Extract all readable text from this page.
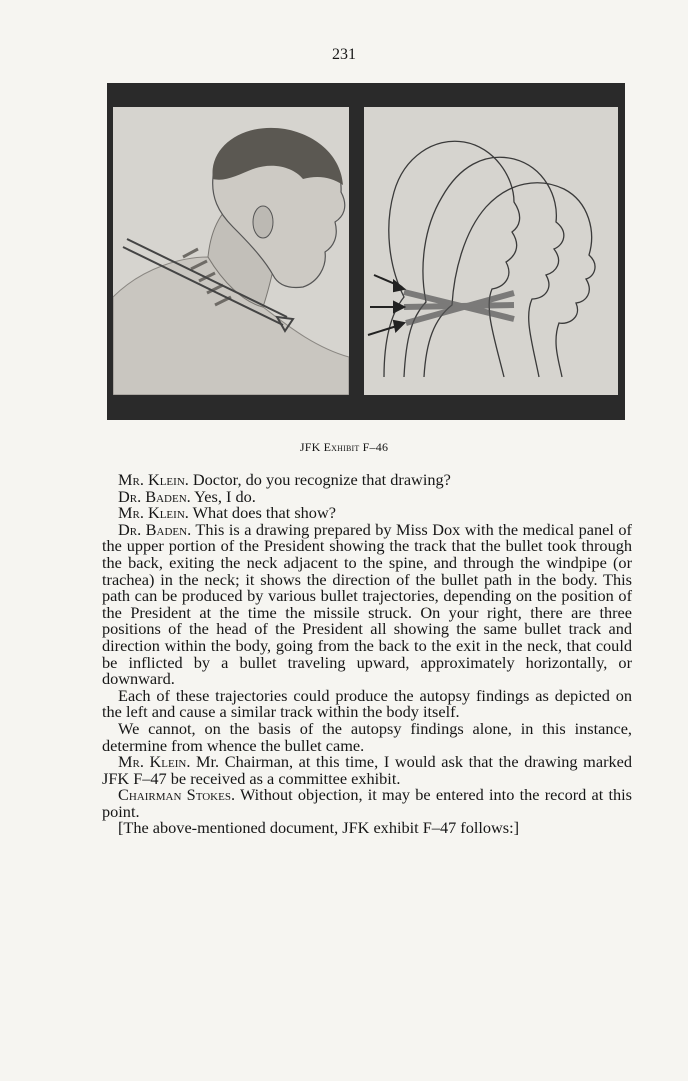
231
JFK Exhibit F–46

Mr. Klein. Doctor, do you recognize that drawing?

Dr. Baden. Yes, I do.

Mr. Klein. What does that show?

Dr. Baden. This is a drawing prepared by Miss Dox with the medical panel of the upper portion of the President showing the track that the bullet took through the back, exiting the neck adjacent to the spine, and through the windpipe (or trachea) in the neck; it shows the direction of the bullet path in the body. This path can be produced by various bullet trajectories, depending on the position of the President at the time the missile struck. On your right, there are three positions of the head of the President all showing the same bullet track and direction within the body, going from the back to the exit in the neck, that could be inflicted by a bullet traveling upward, approximately horizontally, or downward.

Each of these trajectories could produce the autopsy findings as depicted on the left and cause a similar track within the body itself.

We cannot, on the basis of the autopsy findings alone, in this instance, determine from whence the bullet came.

Mr. Klein. Mr. Chairman, at this time, I would ask that the drawing marked JFK F–47 be received as a committee exhibit.

Chairman Stokes. Without objection, it may be entered into the record at this point.

[The above-mentioned document, JFK exhibit F–47 follows:]
